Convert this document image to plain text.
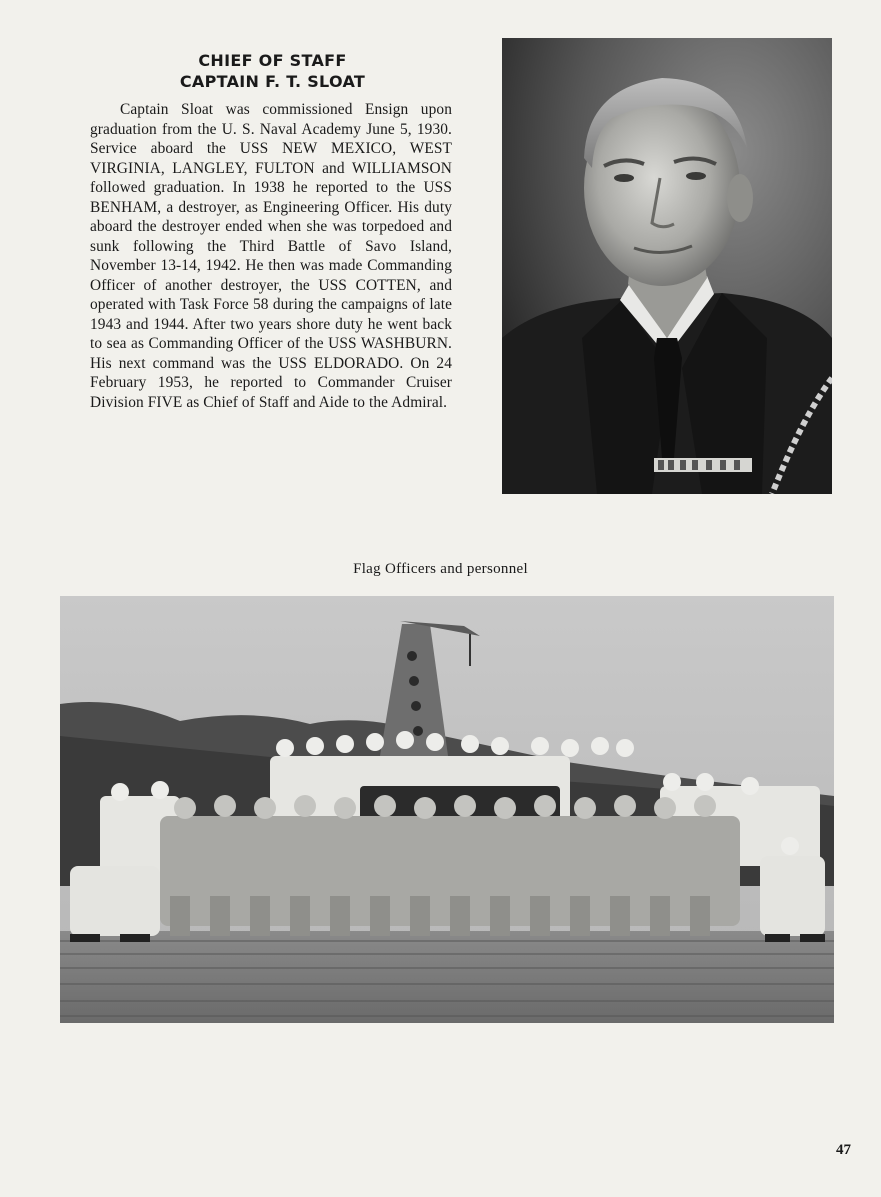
CHIEF OF STAFF
CAPTAIN F. T. SLOAT

Captain Sloat was commissioned Ensign upon graduation from the U. S. Naval Academy June 5, 1930. Service aboard the USS NEW MEXICO, WEST VIRGINIA, LANGLEY, FULTON and WILLIAMSON followed graduation. In 1938 he reported to the USS BENHAM, a destroyer, as Engineering Officer. His duty aboard the destroyer ended when she was torpedoed and sunk following the Third Battle of Savo Island, November 13-14, 1942. He then was made Commanding Officer of another destroyer, the USS COTTEN, and operated with Task Force 58 during the campaigns of late 1943 and 1944. After two years shore duty he went back to sea as Commanding Officer of the USS WASHBURN. His next command was the USS ELDORADO. On 24 February 1953, he reported to Commander Cruiser Division FIVE as Chief of Staff and Aide to the Admiral.

Flag Officers and personnel
47
